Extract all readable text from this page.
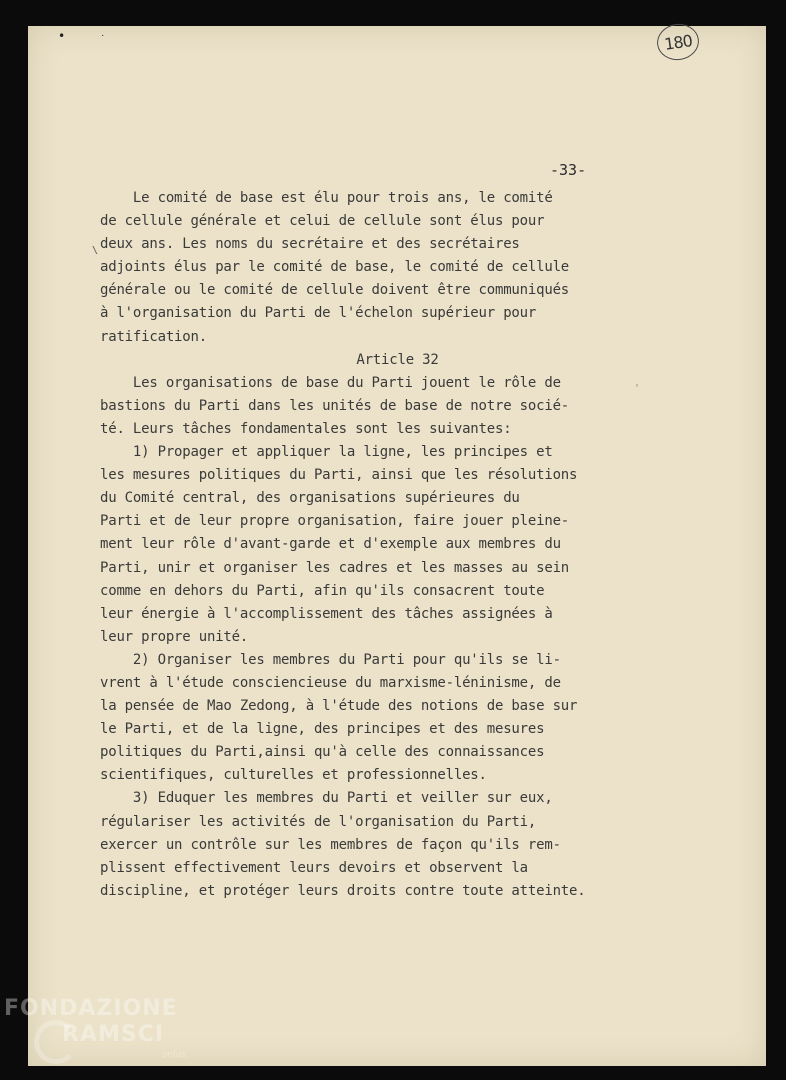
•	٠
\
'
180
-33-
Le comité de base est élu pour trois ans, le comité
de cellule générale et celui de cellule sont élus pour
deux ans. Les noms du secrétaire et des secrétaires
adjoints élus par le comité de base, le comité de cellule
générale ou le comité de cellule doivent être communiqués
à l'organisation du Parti de l'échelon supérieur pour
ratification.
Article 32
Les organisations de base du Parti jouent le rôle de
bastions du Parti dans les unités de base de notre socié-
té. Leurs tâches fondamentales sont les suivantes:
1) Propager et appliquer la ligne, les principes et
les mesures politiques du Parti, ainsi que les résolutions
du Comité central, des organisations supérieures du
Parti et de leur propre organisation, faire jouer pleine-
ment leur rôle d'avant-garde et d'exemple aux membres du
Parti, unir et organiser les cadres et les masses au sein
comme en dehors du Parti, afin qu'ils consacrent toute
leur énergie à l'accomplissement des tâches assignées à
leur propre unité.
2) Organiser les membres du Parti pour qu'ils se li-
vrent à l'étude consciencieuse du marxisme-léninisme, de
la pensée de Mao Zedong, à l'étude des notions de base sur
le Parti, et de la ligne, des principes et des mesures
politiques du Parti,ainsi qu'à celle des connaissances
scientifiques, culturelles et professionnelles.
3) Eduquer les membres du Parti et veiller sur eux,
régulariser les activités de l'organisation du Parti,
exercer un contrôle sur les membres de façon qu'ils rem-
plissent effectivement leurs devoirs et observent la
discipline, et protéger leurs droits contre toute atteinte.
FONDAZIONE
RAMSCI
onlus
